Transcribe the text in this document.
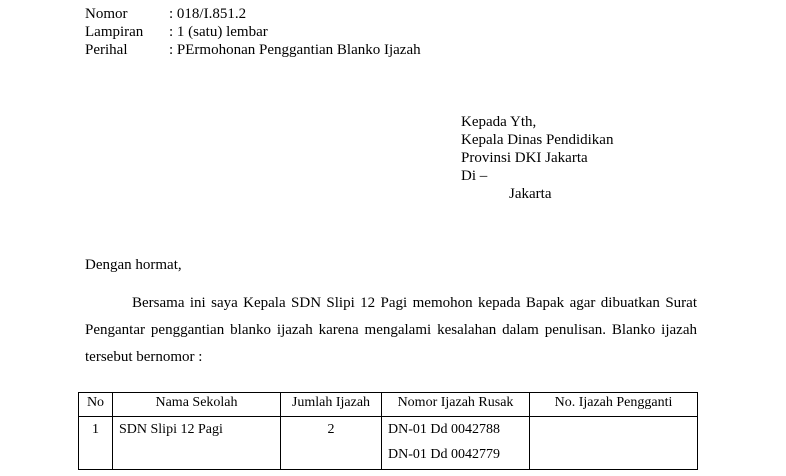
Nomor	: 018/I.851.2
Lampiran	: 1 (satu) lembar
Perihal	: PErmohonan Penggantian Blanko Ijazah
Kepada Yth,
Kepala Dinas Pendidikan
Provinsi DKI Jakarta
Di –
Jakarta
Dengan hormat,
Bersama ini saya Kepala SDN Slipi 12 Pagi memohon kepada Bapak agar dibuatkan Surat Pengantar penggantian blanko ijazah karena mengalami kesalahan dalam penulisan. Blanko ijazah tersebut bernomor :
No	Nama Sekolah	Jumlah Ijazah	Nomor Ijazah Rusak	No. Ijazah Pengganti
1	SDN Slipi 12 Pagi	2	DN-01 Dd 0042788
DN-01 Dd 0042779	
